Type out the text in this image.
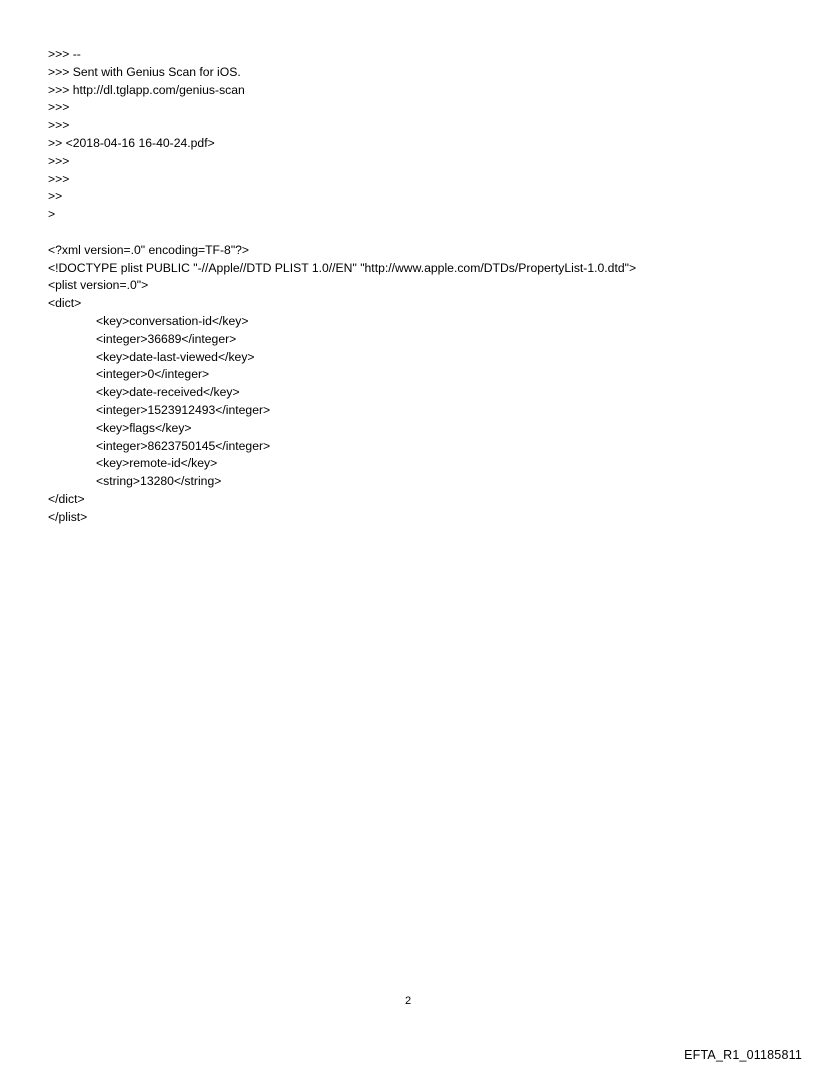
>>> --
>>> Sent with Genius Scan for iOS.
>>> http://dl.tglapp.com/genius-scan
>>>
>>>
>> <2018-04-16 16-40-24.pdf>
>>>
>>>
>>
>
<?xml version=.0" encoding=TF-8"?>
<!DOCTYPE plist PUBLIC "-//Apple//DTD PLIST 1.0//EN" "http://www.apple.com/DTDs/PropertyList-1.0.dtd">
<plist version=.0">
<dict>
<key>conversation-id</key>
<integer>36689</integer>
<key>date-last-viewed</key>
<integer>0</integer>
<key>date-received</key>
<integer>1523912493</integer>
<key>flags</key>
<integer>8623750145</integer>
<key>remote-id</key>
<string>13280</string>
</dict>
</plist>
2
EFTA_R1_01185811
